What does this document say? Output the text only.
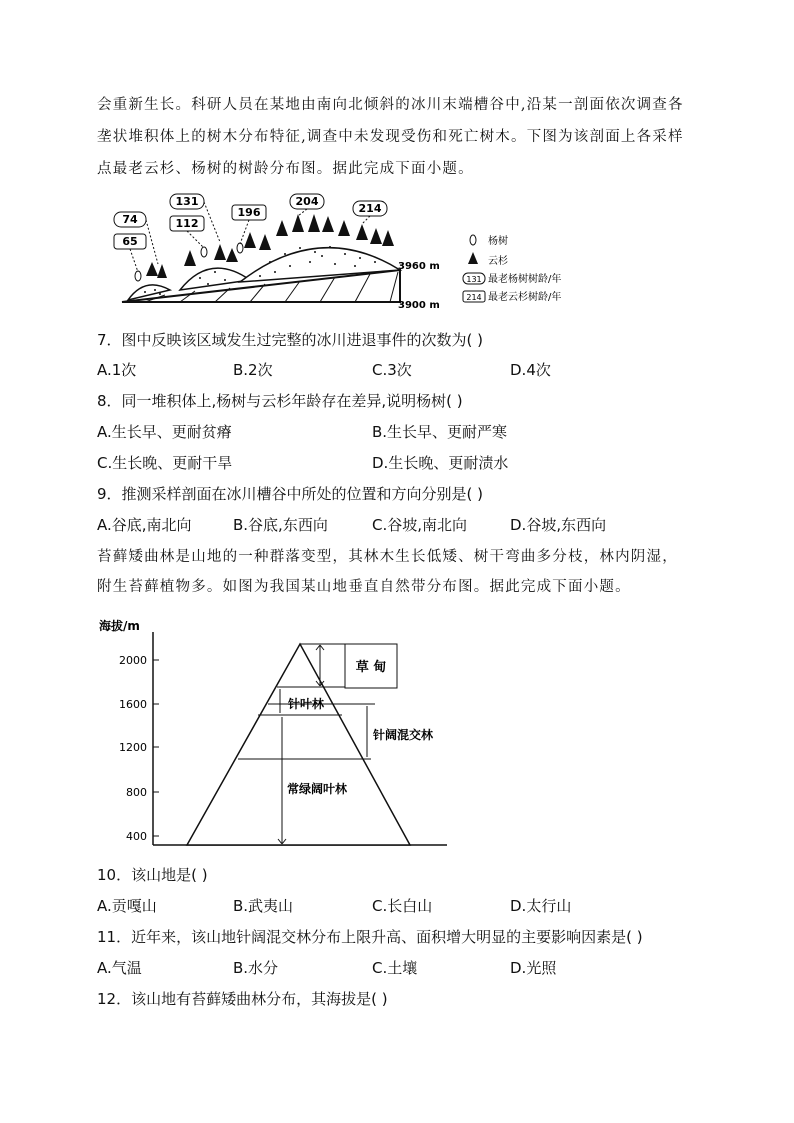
会重新生长。科研人员在某地由南向北倾斜的冰川末端槽谷中,沿某一剖面依次调查各
垄状堆积体上的树木分布特征,调查中未发现受伤和死亡树木。下图为该剖面上各采样
点最老云杉、杨树的树龄分布图。据此完成下面小题。
74
65
131
112
196
204
214
3960 m
3900 m
杨树
云杉
131 最老杨树树龄/年
214 最老云杉树龄/年
7．图中反映该区域发生过完整的冰川进退事件的次数为( )
A.1次	B.2次	C.3次	D.4次
8．同一堆积体上,杨树与云杉年龄存在差异,说明杨树( )
A.生长早、更耐贫瘠	B.生长早、更耐严寒
C.生长晚、更耐干旱	D.生长晚、更耐渍水
9．推测采样剖面在冰川槽谷中所处的位置和方向分别是( )
A.谷底,南北向	B.谷底,东西向	C.谷坡,南北向	D.谷坡,东西向
苔藓矮曲林是山地的一种群落变型，其林木生长低矮、树干弯曲多分枝，林内阴湿，
附生苔藓植物多。如图为我国某山地垂直自然带分布图。据此完成下面小题。
海拔/m
2000
1600
1200
800
400
草 甸
针叶林
针阔混交林
常绿阔叶林
10．该山地是( )
A.贡嘎山	B.武夷山	C.长白山	D.太行山
11．近年来，该山地针阔混交林分布上限升高、面积增大明显的主要影响因素是( )
A.气温	B.水分	C.土壤	D.光照
12．该山地有苔藓矮曲林分布，其海拔是( )
